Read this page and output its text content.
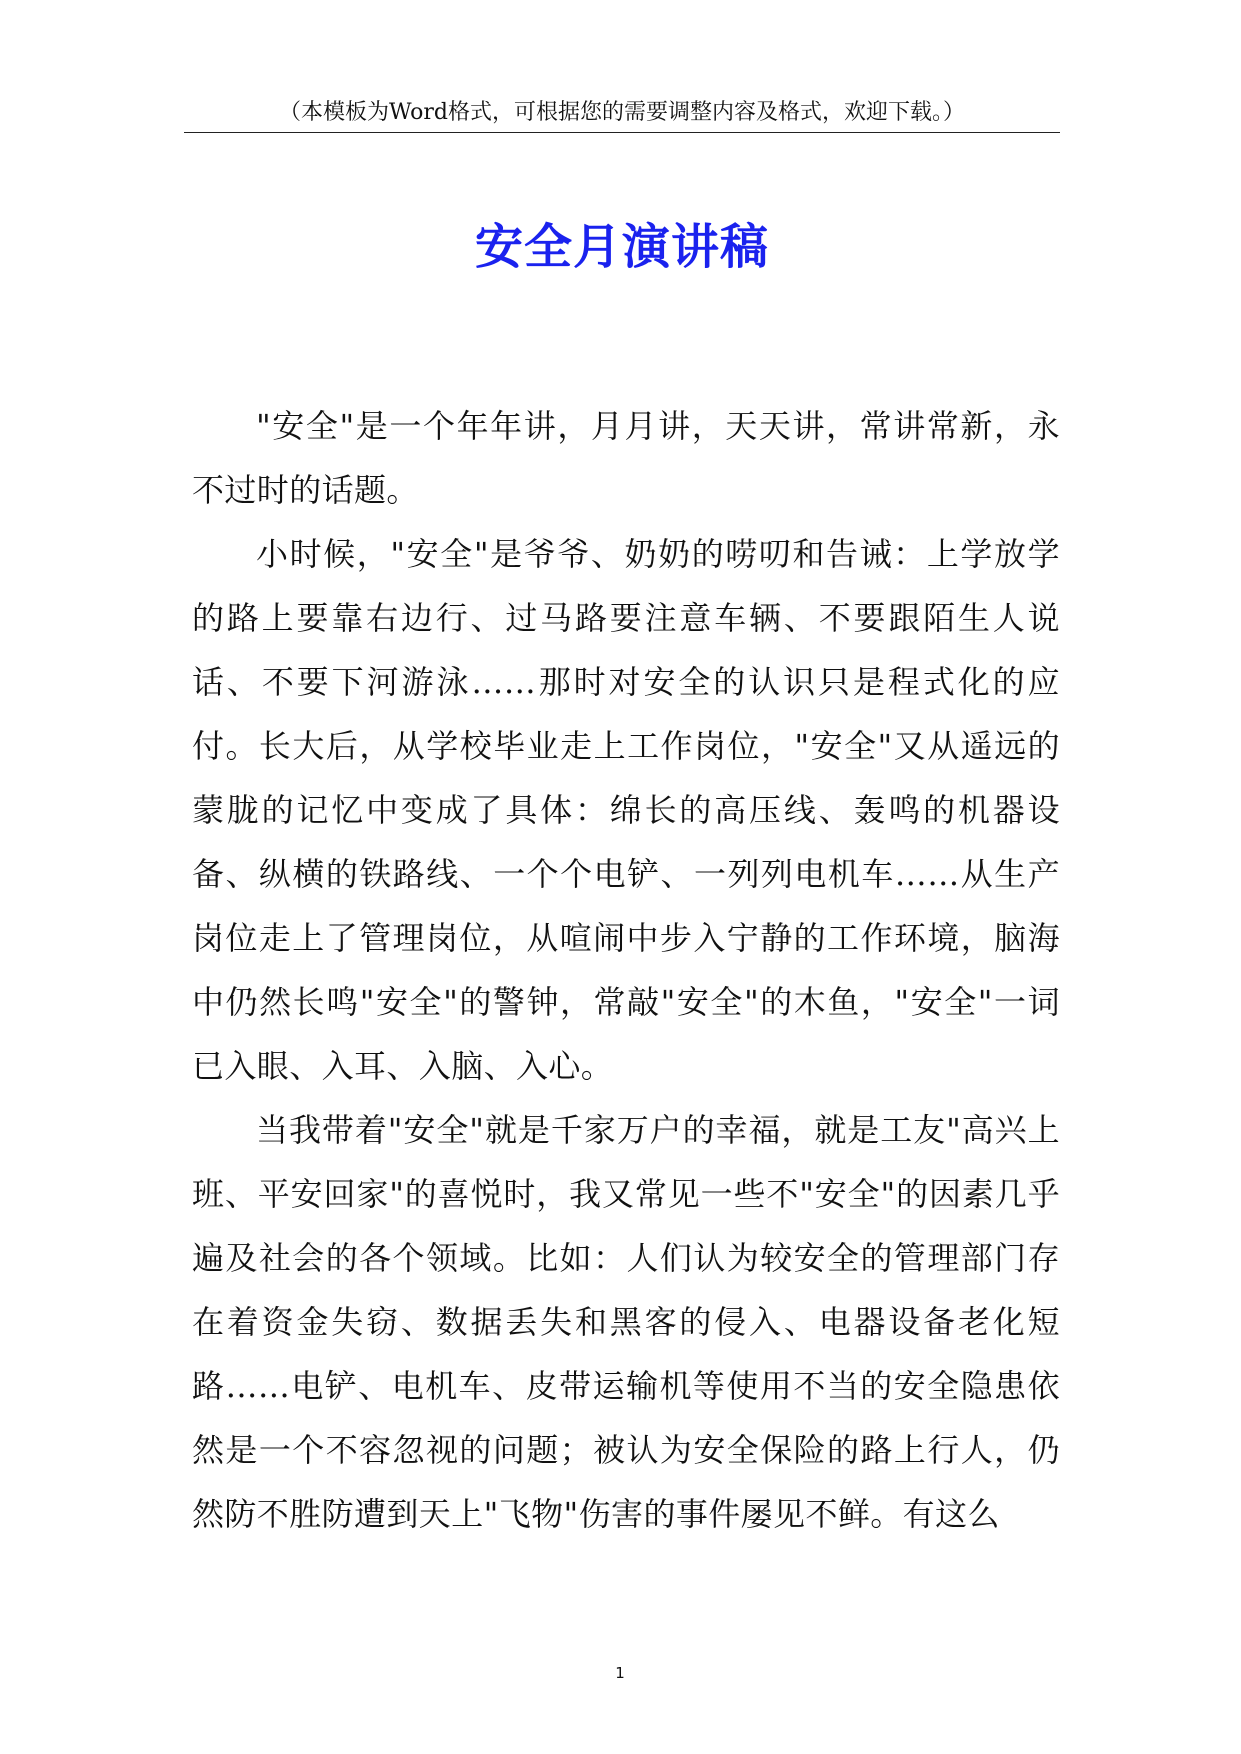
（本模板为Word格式，可根据您的需要调整内容及格式，欢迎下载。）
安全月演讲稿

"安全"是一个年年讲，月月讲，天天讲，常讲常新，永不过时的话题。

小时候，"安全"是爷爷、奶奶的唠叨和告诫：上学放学的路上要靠右边行、过马路要注意车辆、不要跟陌生人说话、不要下河游泳……那时对安全的认识只是程式化的应付。长大后，从学校毕业走上工作岗位，"安全"又从遥远的蒙胧的记忆中变成了具体：绵长的高压线、轰鸣的机器设备、纵横的铁路线、一个个电铲、一列列电机车……从生产岗位走上了管理岗位，从喧闹中步入宁静的工作环境，脑海中仍然长鸣"安全"的警钟，常敲"安全"的木鱼，"安全"一词已入眼、入耳、入脑、入心。

当我带着"安全"就是千家万户的幸福，就是工友"高兴上班、平安回家"的喜悦时，我又常见一些不"安全"的因素几乎遍及社会的各个领域。比如：人们认为较安全的管理部门存在着资金失窃、数据丢失和黑客的侵入、电器设备老化短路……电铲、电机车、皮带运输机等使用不当的安全隐患依然是一个不容忽视的问题；被认为安全保险的路上行人，仍然防不胜防遭到天上"飞物"伤害的事件屡见不鲜。有这么

1
